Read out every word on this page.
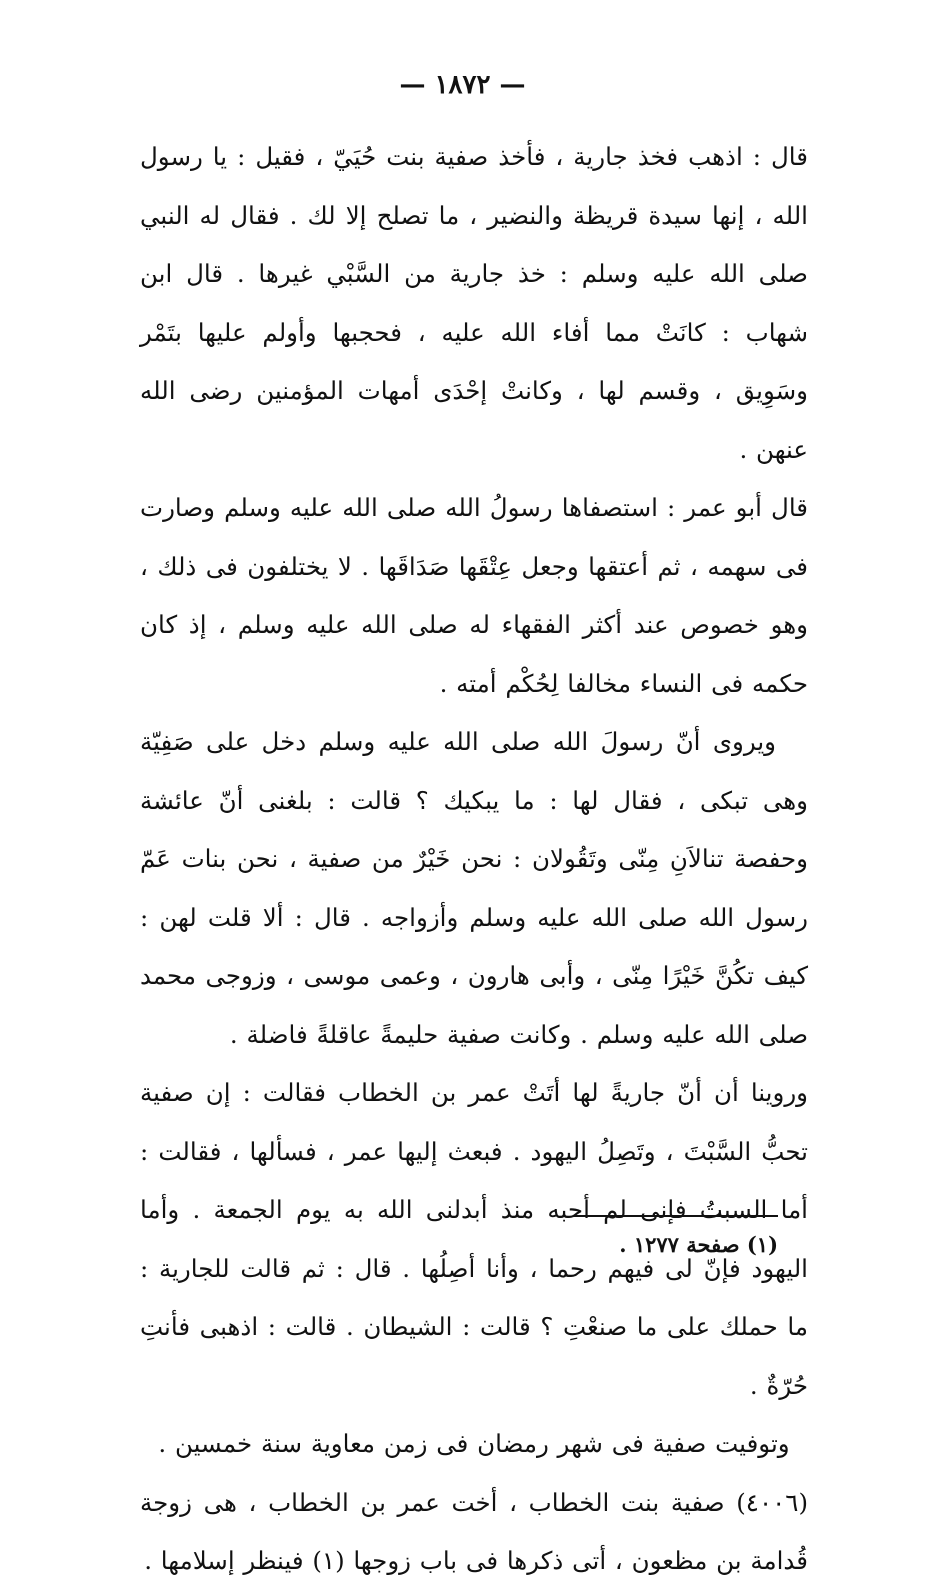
— ١٨٧٢ —

قال : اذهب فخذ جارية ، فأخذ صفية بنت حُيَيّ ، فقيل : يا رسول الله ، إنها سيدة قريظة والنضير ، ما تصلح إلا لك . فقال له النبي صلى الله عليه وسلم : خذ جارية من السَّبْي غيرها . قال ابن شهاب : كانَتْ مما أفاء الله عليه ، فحجبها وأولم عليها بتَمْر وسَوِيق ، وقسم لها ، وكانتْ إحْدَى أمهات المؤمنين رضى الله عنهن .

قال أبو عمر : استصفاها رسولُ الله صلى الله عليه وسلم وصارت فى سهمه ، ثم أعتقها وجعل عِتْقَها صَدَاقَها . لا يختلفون فى ذلك ، وهو خصوص عند أكثر الفقهاء له صلى الله عليه وسلم ، إذ كان حكمه فى النساء مخالفا لِحُكْم أمته .

ويروى أنّ رسولَ الله صلى الله عليه وسلم دخل على صَفِيّة وهى تبكى ، فقال لها : ما يبكيك ؟ قالت : بلغنى أنّ عائشة وحفصة تنالاَنِ مِنّى وتَقُولان : نحن خَيْرٌ من صفية ، نحن بنات عَمّ رسول الله صلى الله عليه وسلم وأزواجه . قال : ألا قلت لهن : كيف تكُنَّ خَيْرًا مِنّى ، وأبى هارون ، وعمى موسى ، وزوجى محمد صلى الله عليه وسلم . وكانت صفية حليمةً عاقلةً فاضلة .

وروينا أن أنّ جاريةً لها أتَتْ عمر بن الخطاب فقالت : إن صفية تحبُّ السَّبْتَ ، وتَصِلُ اليهود . فبعث إليها عمر ، فسألها ، فقالت : أما السبتُ فإنى لم أحبه منذ أبدلنى الله به يوم الجمعة . وأما اليهود فإنّ لى فيهم رحما ، وأنا أصِلُها . قال : ثم قالت للجارية : ما حملك على ما صنعْتِ ؟ قالت : الشيطان . قالت : اذهبى فأنتِ حُرّةٌ .

وتوفيت صفية فى شهر رمضان فى زمن معاوية سنة خمسين .

(٤٠٠٦) صفية بنت الخطاب ، أخت عمر بن الخطاب ، هى زوجة قُدامة بن مظعون ، أتى ذكرها فى باب زوجها (١) فينظر إسلامها .

(١) صفحة ١٢٧٧ .
